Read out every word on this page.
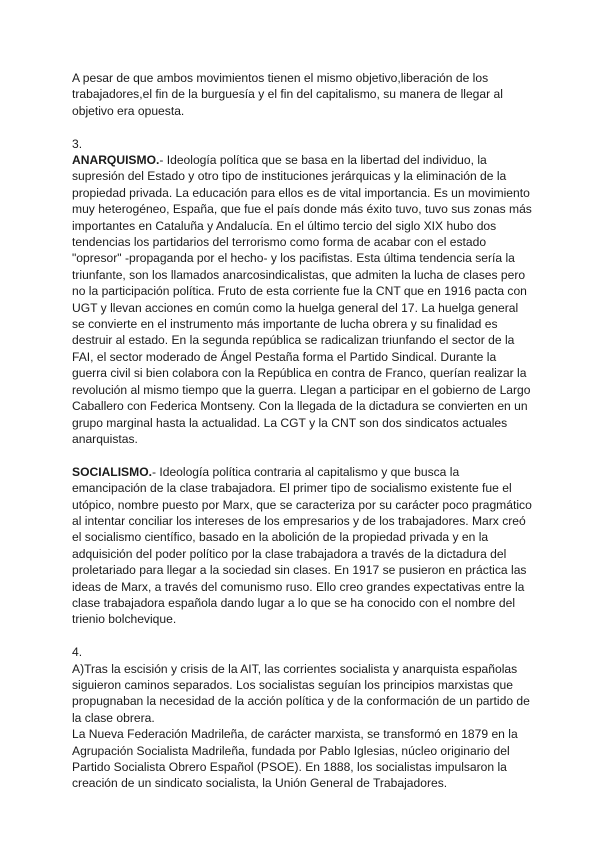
A pesar de que ambos movimientos tienen el mismo objetivo,liberación de los trabajadores,el fin de la burguesía y el fin del capitalismo, su manera de llegar al objetivo era opuesta.

3.

ANARQUISMO.- Ideología política que se basa en la libertad del individuo, la supresión del Estado y otro tipo de instituciones jerárquicas y la eliminación de la propiedad privada. La educación para ellos es de vital importancia. Es un movimiento muy heterogéneo, España, que fue el país donde más éxito tuvo, tuvo sus zonas más importantes en Cataluña y Andalucía. En el último tercio del siglo XIX hubo dos tendencias los partidarios del terrorismo como forma de acabar con el estado "opresor" -propaganda por el hecho- y los pacifistas. Esta última tendencia sería la triunfante, son los llamados anarcosindicalistas, que admiten la lucha de clases pero no la participación política. Fruto de esta corriente fue la CNT que en 1916 pacta con UGT y llevan acciones en común como la huelga general del 17. La huelga general se convierte en el instrumento más importante de lucha obrera y su finalidad es destruir al estado. En la segunda república se radicalizan triunfando el sector de la FAI, el sector moderado de Ángel Pestaña forma el Partido Sindical. Durante la guerra civil si bien colabora con la República en contra de Franco, querían realizar la revolución al mismo tiempo que la guerra. Llegan a participar en el gobierno de Largo Caballero con Federica Montseny. Con la llegada de la dictadura se convierten en un grupo marginal hasta la actualidad. La CGT y la CNT son dos sindicatos actuales anarquistas.

SOCIALISMO.- Ideología política contraria al capitalismo y que busca la emancipación de la clase trabajadora. El primer tipo de socialismo existente fue el utópico, nombre puesto por Marx, que se caracteriza por su carácter poco pragmático al intentar conciliar los intereses de los empresarios y de los trabajadores. Marx creó el socialismo científico, basado en la abolición de la propiedad privada y en la adquisición del poder político por la clase trabajadora a través de la dictadura del proletariado para llegar a la sociedad sin clases. En 1917 se pusieron en práctica las ideas de Marx, a través del comunismo ruso. Ello creo grandes expectativas entre la clase trabajadora española dando lugar a lo que se ha conocido con el nombre del trienio bolchevique.

4.

A)Tras la escisión y crisis de la AIT, las corrientes socialista y anarquista españolas siguieron caminos separados. Los socialistas seguían los principios marxistas que propugnaban la necesidad de la acción política y de la conformación de un partido de la clase obrera.

La Nueva Federación Madrileña, de carácter marxista, se transformó en 1879 en la Agrupación Socialista Madrileña, fundada por Pablo Iglesias, núcleo originario del Partido Socialista Obrero Español (PSOE). En 1888, los socialistas impulsaron la creación de un sindicato socialista, la Unión General de Trabajadores.
